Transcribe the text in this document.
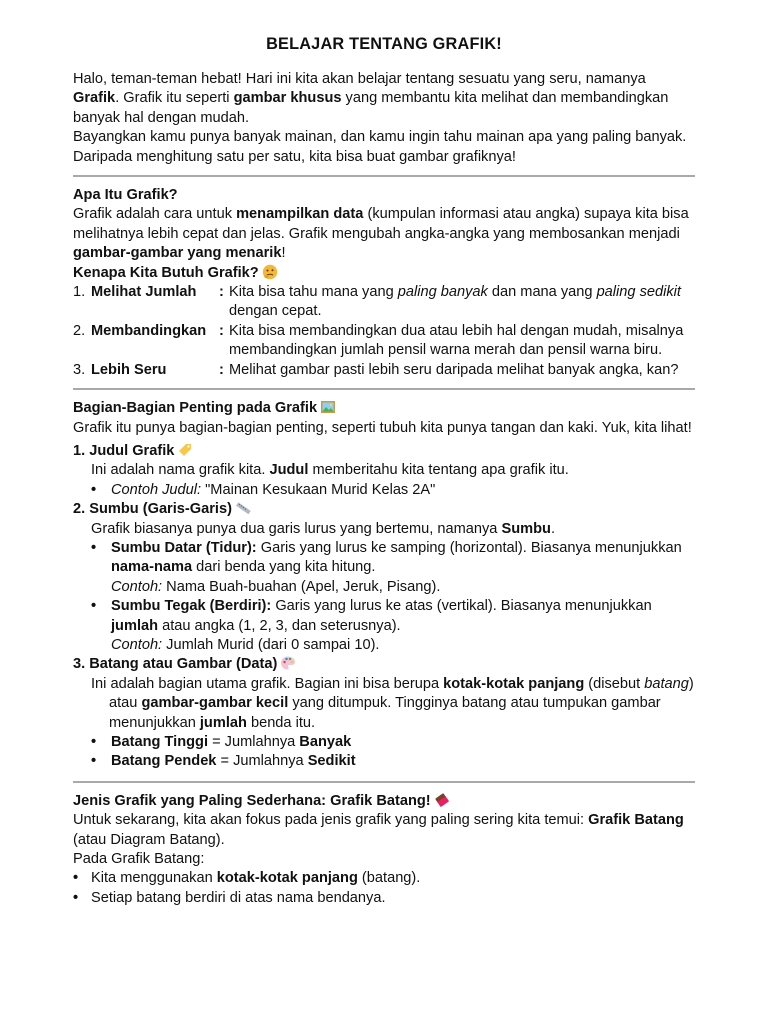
BELAJAR TENTANG GRAFIK!

Halo, teman-teman hebat! Hari ini kita akan belajar tentang sesuatu yang seru, namanya Grafik. Grafik itu seperti gambar khusus yang membantu kita melihat dan membandingkan banyak hal dengan mudah.

Bayangkan kamu punya banyak mainan, dan kamu ingin tahu mainan apa yang paling banyak. Daripada menghitung satu per satu, kita bisa buat gambar grafiknya!

Apa Itu Grafik?

Grafik adalah cara untuk menampilkan data (kumpulan informasi atau angka) supaya kita bisa melihatnya lebih cepat dan jelas. Grafik mengubah angka-angka yang membosankan menjadi gambar-gambar yang menarik!

Kenapa Kita Butuh Grafik?

1. Melihat Jumlah	: Kita bisa tahu mana yang paling banyak dan mana yang paling sedikit dengan cepat.
2. Membandingkan : Kita bisa membandingkan dua atau lebih hal dengan mudah, misalnya membandingkan jumlah pensil warna merah dan pensil warna biru.
3. Lebih Seru	: Melihat gambar pasti lebih seru daripada melihat banyak angka, kan?

Bagian-Bagian Penting pada Grafik

Grafik itu punya bagian-bagian penting, seperti tubuh kita punya tangan dan kaki. Yuk, kita lihat!

1. Judul Grafik

Ini adalah nama grafik kita. Judul memberitahu kita tentang apa grafik itu.

• Contoh Judul: "Mainan Kesukaan Murid Kelas 2A"

2. Sumbu (Garis-Garis)

Grafik biasanya punya dua garis lurus yang bertemu, namanya Sumbu.

• Sumbu Datar (Tidur): Garis yang lurus ke samping (horizontal). Biasanya menunjukkan nama-nama dari benda yang kita hitung.
Contoh: Nama Buah-buahan (Apel, Jeruk, Pisang).
• Sumbu Tegak (Berdiri): Garis yang lurus ke atas (vertikal). Biasanya menunjukkan jumlah atau angka (1, 2, 3, dan seterusnya).
Contoh: Jumlah Murid (dari 0 sampai 10).

3. Batang atau Gambar (Data)

Ini adalah bagian utama grafik. Bagian ini bisa berupa kotak-kotak panjang (disebut batang) atau gambar-gambar kecil yang ditumpuk. Tingginya batang atau tumpukan gambar menunjukkan jumlah benda itu.

• Batang Tinggi = Jumlahnya Banyak
• Batang Pendek = Jumlahnya Sedikit

Jenis Grafik yang Paling Sederhana: Grafik Batang!

Untuk sekarang, kita akan fokus pada jenis grafik yang paling sering kita temui: Grafik Batang (atau Diagram Batang).

Pada Grafik Batang:

• Kita menggunakan kotak-kotak panjang (batang).
• Setiap batang berdiri di atas nama bendanya.
